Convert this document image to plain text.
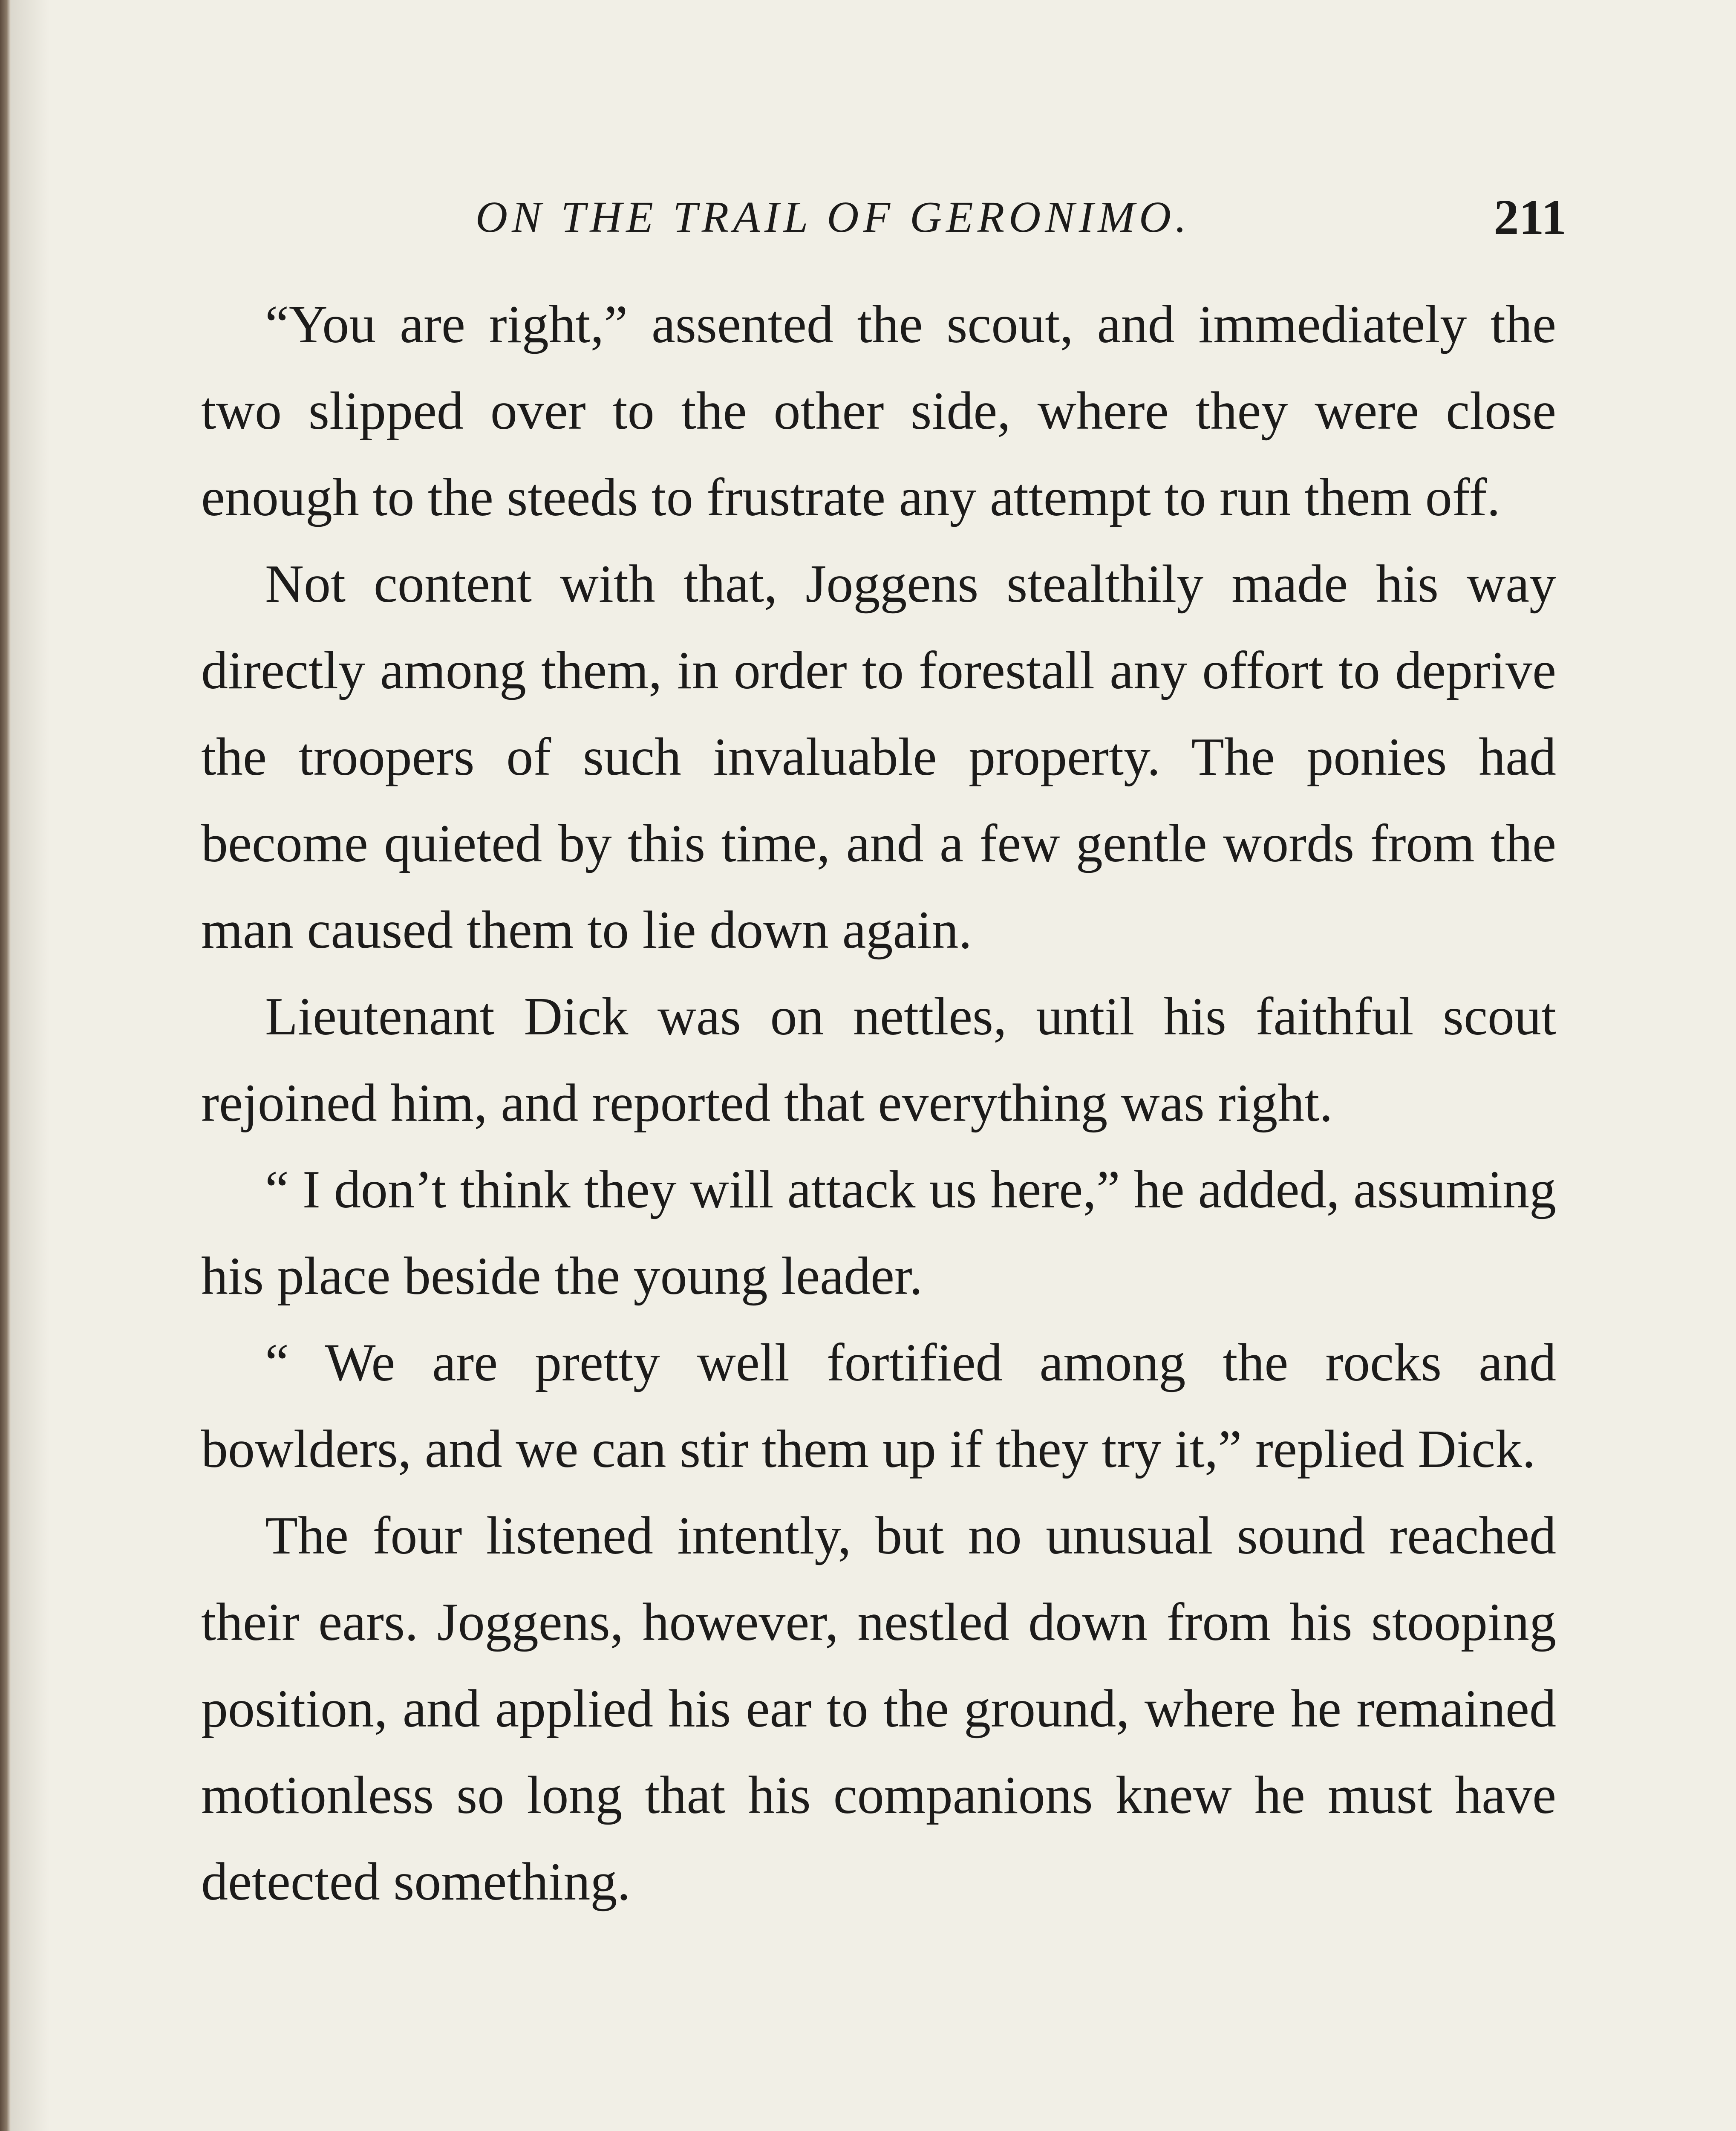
ON THE TRAIL OF GERONIMO.	211

“You are right,” assented the scout, and immediately the two slipped over to the other side, where they were close enough to the steeds to frustrate any attempt to run them off.

Not content with that, Joggens stealthily made his way directly among them, in order to forestall any offort to deprive the troopers of such invaluable property. The ponies had become quieted by this time, and a few gentle words from the man caused them to lie down again.

Lieutenant Dick was on nettles, until his faithful scout rejoined him, and reported that everything was right.

“ I don’t think they will attack us here,” he added, assuming his place beside the young leader.

“ We are pretty well fortified among the rocks and bowlders, and we can stir them up if they try it,” replied Dick.

The four listened intently, but no unusual sound reached their ears. Joggens, however, nestled down from his stooping position, and applied his ear to the ground, where he remained motionless so long that his companions knew he must have detected something.
